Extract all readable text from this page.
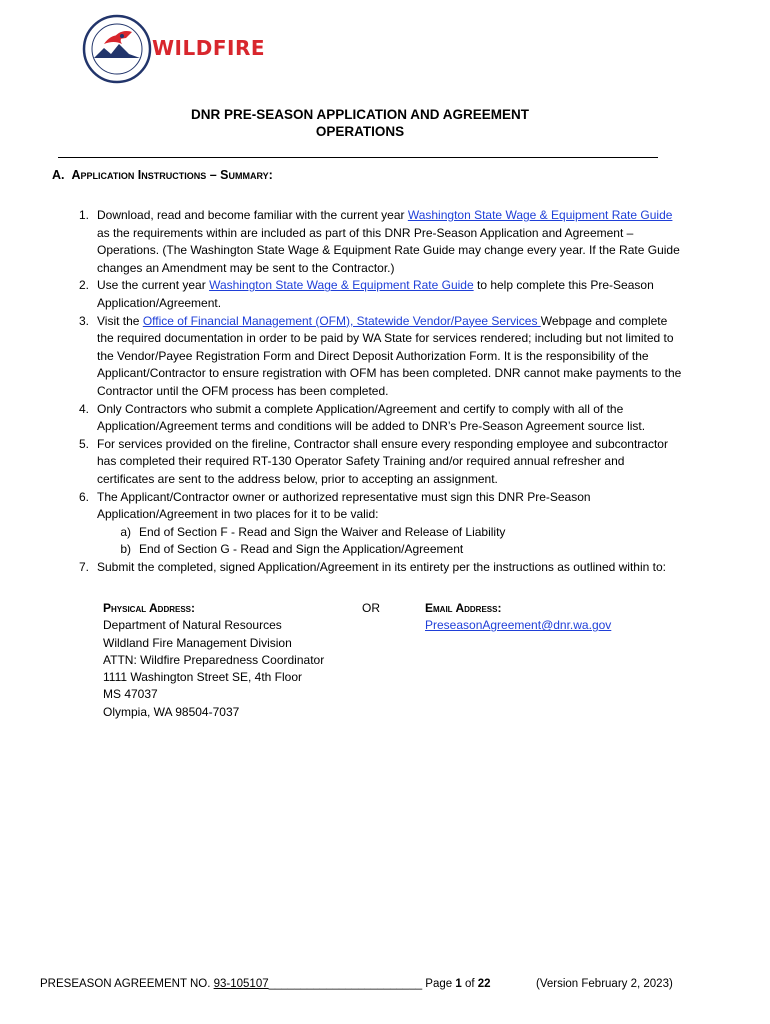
WILDFIRE
DNR PRE-SEASON APPLICATION AND AGREEMENT
OPERATIONS
A. Application Instructions – Summary:
1. Download, read and become familiar with the current year Washington State Wage & Equipment Rate Guide as the requirements within are included as part of this DNR Pre-Season Application and Agreement – Operations. (The Washington State Wage & Equipment Rate Guide may change every year. If the Rate Guide changes an Amendment may be sent to the Contractor.)
2. Use the current year Washington State Wage & Equipment Rate Guide to help complete this Pre-Season Application/Agreement.
3. Visit the Office of Financial Management (OFM), Statewide Vendor/Payee Services Webpage and complete the required documentation in order to be paid by WA State for services rendered; including but not limited to the Vendor/Payee Registration Form and Direct Deposit Authorization Form. It is the responsibility of the Applicant/Contractor to ensure registration with OFM has been completed. DNR cannot make payments to the Contractor until the OFM process has been completed.
4. Only Contractors who submit a complete Application/Agreement and certify to comply with all of the Application/Agreement terms and conditions will be added to DNR’s Pre-Season Agreement source list.
5. For services provided on the fireline, Contractor shall ensure every responding employee and subcontractor has completed their required RT-130 Operator Safety Training and/or required annual refresher and certificates are sent to the address below, prior to accepting an assignment.
6. The Applicant/Contractor owner or authorized representative must sign this DNR Pre-Season Application/Agreement in two places for it to be valid:
a) End of Section F - Read and Sign the Waiver and Release of Liability
b) End of Section G - Read and Sign the Application/Agreement
7. Submit the completed, signed Application/Agreement in its entirety per the instructions as outlined within to:
Physical Address:
Department of Natural Resources
Wildland Fire Management Division
ATTN: Wildfire Preparedness Coordinator
1111 Washington Street SE, 4th Floor
MS 47037
Olympia, WA 98504-7037
OR	Email Address:
PreseasonAgreement@dnr.wa.gov
PRESEASON AGREEMENT NO. 93-105107________________________ Page 1 of 22	(Version February 2, 2023)
